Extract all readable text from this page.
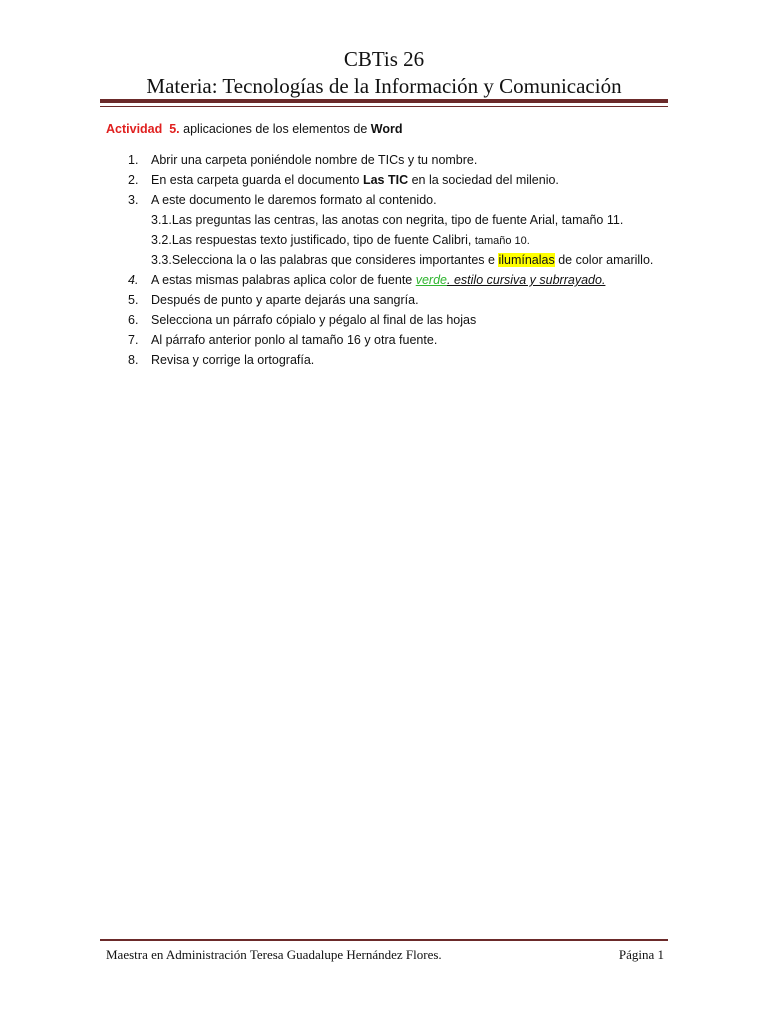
CBTis 26
Materia: Tecnologías de la Información y Comunicación
Actividad 5. aplicaciones de los elementos de Word
1. Abrir una carpeta poniéndole nombre de TICs y tu nombre.
2. En esta carpeta guarda el documento Las TIC en la sociedad del milenio.
3. A este documento le daremos formato al contenido.
3.1.Las preguntas las centras, las anotas con negrita, tipo de fuente Arial, tamaño 11.
3.2.Las respuestas texto justificado, tipo de fuente Calibri, tamaño 10.
3.3.Selecciona la o las palabras que consideres importantes e ilumínalas de color amarillo.
4. A estas mismas palabras aplica color de fuente verde. estilo cursiva y subrrayado.
5. Después de punto y aparte dejarás una sangría.
6. Selecciona un párrafo cópialo y pégalo al final de las hojas
7. Al párrafo anterior ponlo al tamaño 16 y otra fuente.
8. Revisa y corrige la ortografía.
Maestra en Administración Teresa Guadalupe Hernández Flores.	Página 1
